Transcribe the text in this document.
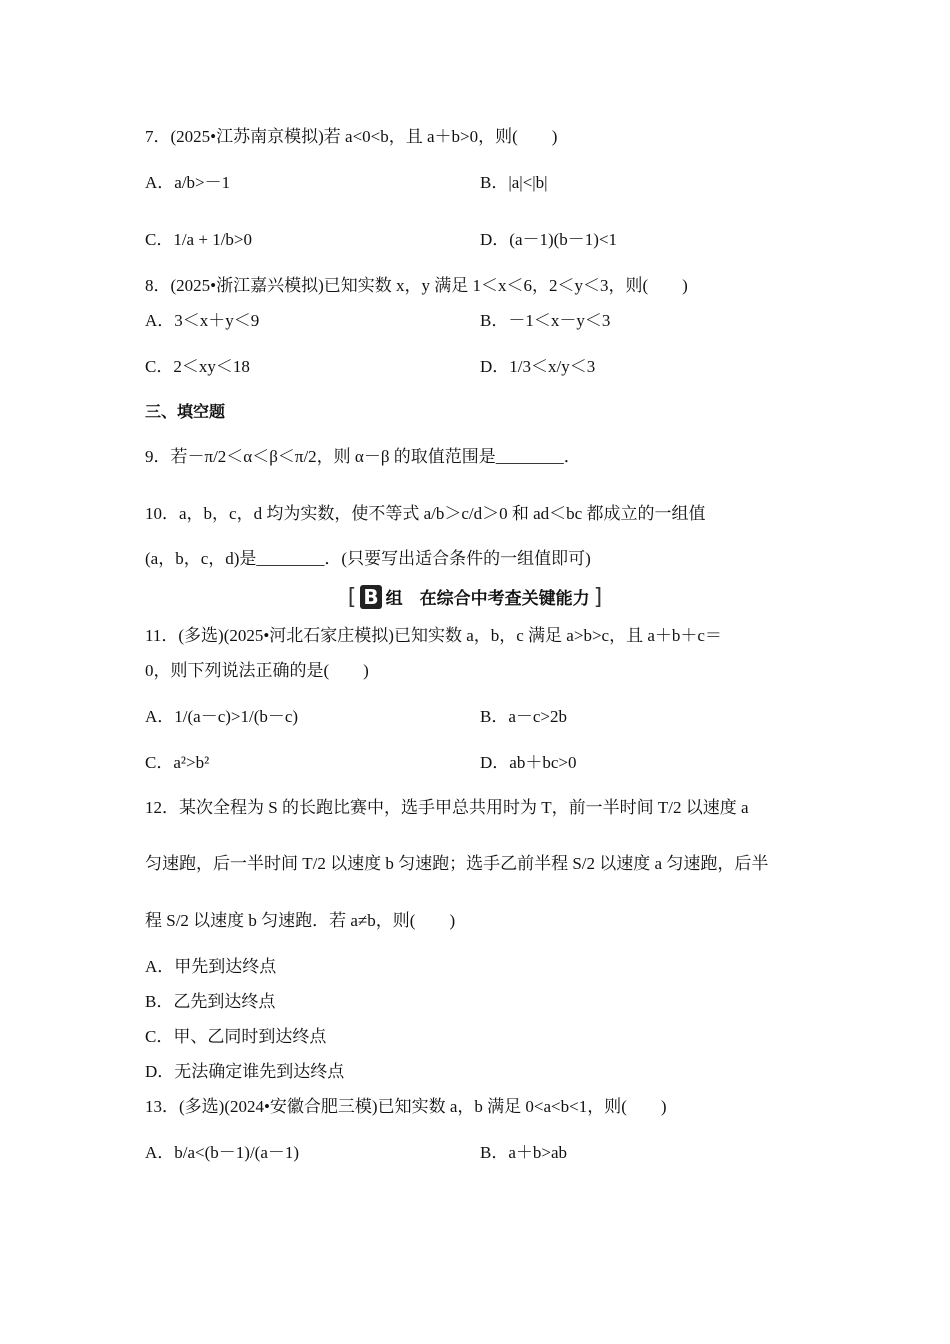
7．(2025•江苏南京模拟)若 a<0<b，且 a＋b>0，则(　　)
A．a/b>－1	B．|a|<|b|
C．1/a + 1/b>0	D．(a－1)(b－1)<1
8．(2025•浙江嘉兴模拟)已知实数 x，y 满足 1＜x＜6，2＜y＜3，则(　　)
A．3＜x＋y＜9	B．－1＜x－y＜3
C．2＜xy＜18	D．1/3＜x/y＜3
三、填空题
9．若－π/2＜α＜β＜π/2，则 α－β 的取值范围是________．
10．a，b，c，d 均为实数，使不等式 a/b＞c/d＞0 和 ad＜bc 都成立的一组值
(a，b，c，d)是________．(只要写出适合条件的一组值即可)
[ B 组　在综合中考查关键能力 ]
11．(多选)(2025•河北石家庄模拟)已知实数 a，b，c 满足 a>b>c，且 a＋b＋c＝
0，则下列说法正确的是(　　)
A．1/(a－c)>1/(b－c)	B．a－c>2b
C．a²>b²	D．ab＋bc>0
12．某次全程为 S 的长跑比赛中，选手甲总共用时为 T，前一半时间 T/2 以速度 a
匀速跑，后一半时间 T/2 以速度 b 匀速跑；选手乙前半程 S/2 以速度 a 匀速跑，后半
程 S/2 以速度 b 匀速跑．若 a≠b，则(　　)
A．甲先到达终点
B．乙先到达终点
C．甲、乙同时到达终点
D．无法确定谁先到达终点
13．(多选)(2024•安徽合肥三模)已知实数 a，b 满足 0<a<b<1，则(　　)
A．b/a<(b－1)/(a－1)	B．a＋b>ab
